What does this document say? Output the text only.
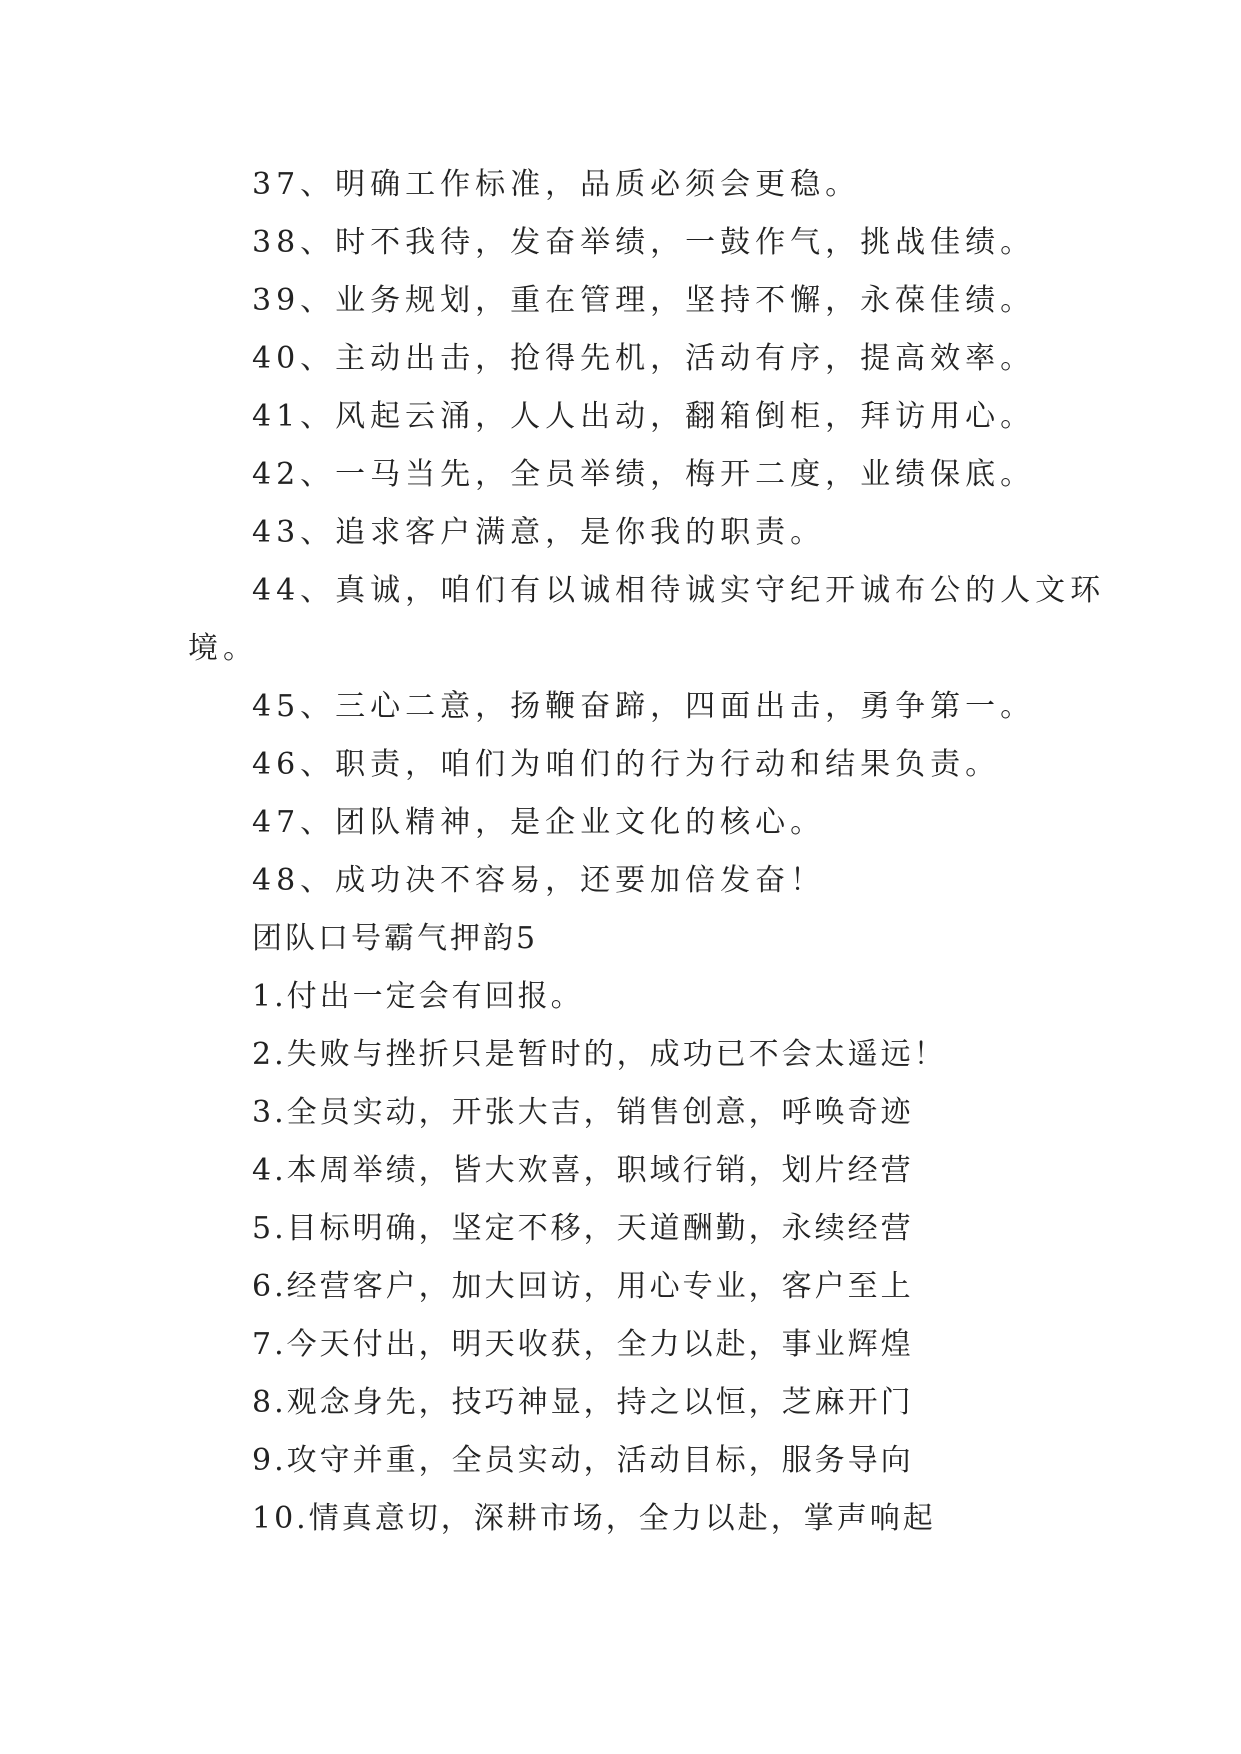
37、明确工作标准，品质必须会更稳。
38、时不我待，发奋举绩，一鼓作气，挑战佳绩。
39、业务规划，重在管理，坚持不懈，永葆佳绩。
40、主动出击，抢得先机，活动有序，提高效率。
41、风起云涌，人人出动，翻箱倒柜，拜访用心。
42、一马当先，全员举绩，梅开二度，业绩保底。
43、追求客户满意，是你我的职责。
44、真诚，咱们有以诚相待诚实守纪开诚布公的人文环
境。
45、三心二意，扬鞭奋蹄，四面出击，勇争第一。
46、职责，咱们为咱们的行为行动和结果负责。
47、团队精神，是企业文化的核心。
48、成功决不容易，还要加倍发奋！
团队口号霸气押韵5
1.付出一定会有回报。
2.失败与挫折只是暂时的，成功已不会太遥远！
3.全员实动，开张大吉，销售创意，呼唤奇迹
4.本周举绩，皆大欢喜，职域行销，划片经营
5.目标明确，坚定不移，天道酬勤，永续经营
6.经营客户，加大回访，用心专业，客户至上
7.今天付出，明天收获，全力以赴，事业辉煌
8.观念身先，技巧神显，持之以恒，芝麻开门
9.攻守并重，全员实动，活动目标，服务导向
10.情真意切，深耕市场，全力以赴，掌声响起
